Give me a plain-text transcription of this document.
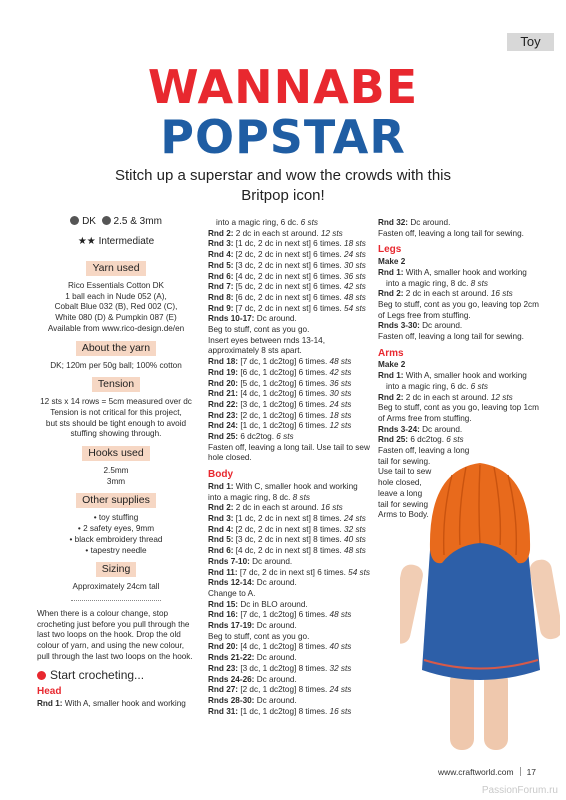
Toy
WANNABE
POPSTAR
Stitch up a superstar and wow the crowds with this Britpop icon!
DK 2.5 & 3mm
★★ Intermediate
Yarn used
Rico Essentials Cotton DK
1 ball each in Nude 052 (A),
Cobalt Blue 032 (B), Red 002 (C),
White 080 (D) & Pumpkin 087 (E)
Available from www.rico-design.de/en
About the yarn
DK; 120m per 50g ball; 100% cotton
Tension
12 sts x 14 rows = 5cm measured over dc
Tension is not critical for this project,
but sts should be tight enough to avoid
stuffing showing through.
Hooks used
2.5mm
3mm
Other supplies
• toy stuffing
• 2 safety eyes, 9mm
• black embroidery thread
• tapestry needle
Sizing
Approximately 24cm tall
When there is a colour change, stop crocheting just before you pull through the last two loops on the hook. Drop the old colour of yarn, and using the new colour, pull through the last two loops on the hook.
Start crocheting...
Head
Rnd 1: With A, smaller hook and working
into a magic ring, 6 dc. 6 sts
Rnd 2: 2 dc in each st around. 12 sts
Rnd 3: [1 dc, 2 dc in next st] 6 times. 18 sts
Rnd 4: [2 dc, 2 dc in next st] 6 times. 24 sts
Rnd 5: [3 dc, 2 dc in next st] 6 times. 30 sts
Rnd 6: [4 dc, 2 dc in next st] 6 times. 36 sts
Rnd 7: [5 dc, 2 dc in next st] 6 times. 42 sts
Rnd 8: [6 dc, 2 dc in next st] 6 times. 48 sts
Rnd 9: [7 dc, 2 dc in next st] 6 times. 54 sts
Rnds 10-17: Dc around.
Beg to stuff, cont as you go.
Insert eyes between rnds 13-14,
approximately 8 sts apart.
Rnd 18: [7 dc, 1 dc2tog] 6 times. 48 sts
Rnd 19: [6 dc, 1 dc2tog] 6 times. 42 sts
Rnd 20: [5 dc, 1 dc2tog] 6 times. 36 sts
Rnd 21: [4 dc, 1 dc2tog] 6 times. 30 sts
Rnd 22: [3 dc, 1 dc2tog] 6 times. 24 sts
Rnd 23: [2 dc, 1 dc2tog] 6 times. 18 sts
Rnd 24: [1 dc, 1 dc2tog] 6 times. 12 sts
Rnd 25: 6 dc2tog. 6 sts
Fasten off, leaving a long tail. Use tail to sew
hole closed.
Body
Rnd 1: With C, smaller hook and working
into a magic ring, 8 dc. 8 sts
Rnd 2: 2 dc in each st around. 16 sts
Rnd 3: [1 dc, 2 dc in next st] 8 times. 24 sts
Rnd 4: [2 dc, 2 dc in next st] 8 times. 32 sts
Rnd 5: [3 dc, 2 dc in next st] 8 times. 40 sts
Rnd 6: [4 dc, 2 dc in next st] 8 times. 48 sts
Rnds 7-10: Dc around.
Rnd 11: [7 dc, 2 dc in next st] 6 times. 54 sts
Rnds 12-14: Dc around.
Change to A.
Rnd 15: Dc in BLO around.
Rnd 16: [7 dc, 1 dc2tog] 6 times. 48 sts
Rnds 17-19: Dc around.
Beg to stuff, cont as you go.
Rnd 20: [4 dc, 1 dc2tog] 8 times. 40 sts
Rnds 21-22: Dc around.
Rnd 23: [3 dc, 1 dc2tog] 8 times. 32 sts
Rnds 24-26: Dc around.
Rnd 27: [2 dc, 1 dc2tog] 8 times. 24 sts
Rnds 28-30: Dc around.
Rnd 31: [1 dc, 1 dc2tog] 8 times. 16 sts
Rnd 32: Dc around.
Fasten off, leaving a long tail for sewing.
Legs
Make 2
Rnd 1: With A, smaller hook and working
into a magic ring, 8 dc. 8 sts
Rnd 2: 2 dc in each st around. 16 sts
Beg to stuff, cont as you go, leaving top 2cm
of Legs free from stuffing.
Rnds 3-30: Dc around.
Fasten off, leaving a long tail for sewing.
Arms
Make 2
Rnd 1: With A, smaller hook and working
into a magic ring, 6 dc. 6 sts
Rnd 2: 2 dc in each st around. 12 sts
Beg to stuff, cont as you go, leaving top 1cm
of Arms free from stuffing.
Rnds 3-24: Dc around.
Rnd 25: 6 dc2tog. 6 sts
Fasten off, leaving a long
tail for sewing.
Use tail to sew
hole closed,
leave a long
tail for sewing
Arms to Body.
www.craftworld.com 17
PassionForum.ru
